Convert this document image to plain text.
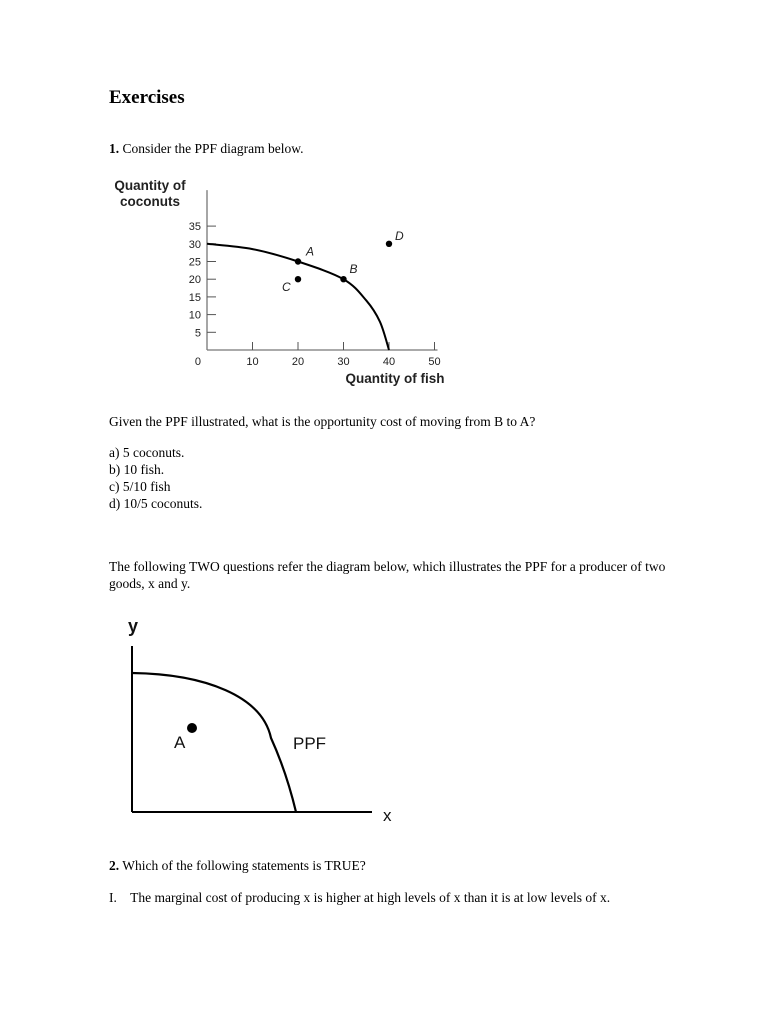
Exercises
1. Consider the PPF diagram below.
Quantity of
coconuts
Quantity of fish
5
10
15
20
25
30
35
10	20	30	40	50
0
A
B
C
D
Given the PPF illustrated, what is the opportunity cost of moving from B to A?
a) 5 coconuts.
b) 10 fish.
c) 5/10 fish
d) 10/5 coconuts.
The following TWO questions refer the diagram below, which illustrates the PPF for a producer of two goods, x and y.
y
x
PPF
A
2. Which of the following statements is TRUE?
I.    The marginal cost of producing x is higher at high levels of x than it is at low levels of x.
